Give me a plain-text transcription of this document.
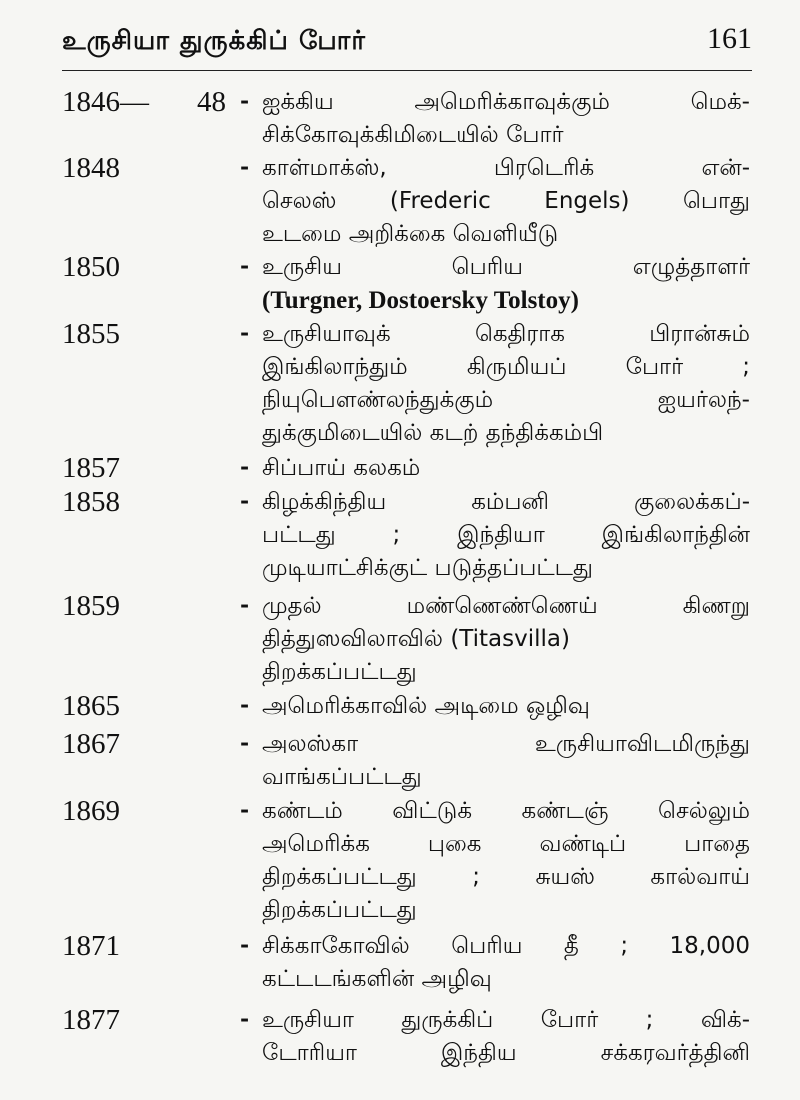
உருசியா துருக்கிப் போர்	161
1846— 48 - ஐக்கிய அமெரிக்காவுக்கும் மெக்-
சிக்கோவுக்கிமிடையில் போர்
1848	- காள்மாக்ஸ், பிரடெரிக் என்-
செலஸ் (Frederic Engels) பொது
உடமை அறிக்கை வெளியீடு
1850	- உருசிய பெரிய எழுத்தாளர்
(Turgner, Dostoersky Tolstoy)
1855	- உருசியாவுக் கெதிராக பிரான்சும்
இங்கிலாந்தும் கிருமியப் போர் ;
நியுபௌண்லந்துக்கும் ஐயர்லந்-
துக்குமிடையில் கடற் தந்திக்கம்பி
1857	- சிப்பாய் கலகம்
1858	- கிழக்கிந்திய கம்பனி குலைக்கப்-
பட்டது ; இந்தியா இங்கிலாந்தின்
முடியாட்சிக்குட் படுத்தப்பட்டது
1859	- முதல் மண்ணெண்ணெய் கிணறு
தித்துஸவிலாவில் (Titasvilla)
திறக்கப்பட்டது
1865	- அமெரிக்காவில் அடிமை ஒழிவு
1867	- அலஸ்கா உருசியாவிடமிருந்து
வாங்கப்பட்டது
1869	- கண்டம் விட்டுக் கண்டஞ் செல்லும்
அமெரிக்க புகை வண்டிப் பாதை
திறக்கப்பட்டது ; சுயஸ் கால்வாய்
திறக்கப்பட்டது
1871	- சிக்காகோவில் பெரிய தீ ; 18,000
கட்டடங்களின் அழிவு
1877	- உருசியா துருக்கிப் போர் ; விக்-
டோரியா இந்திய சக்கரவர்த்தினி
